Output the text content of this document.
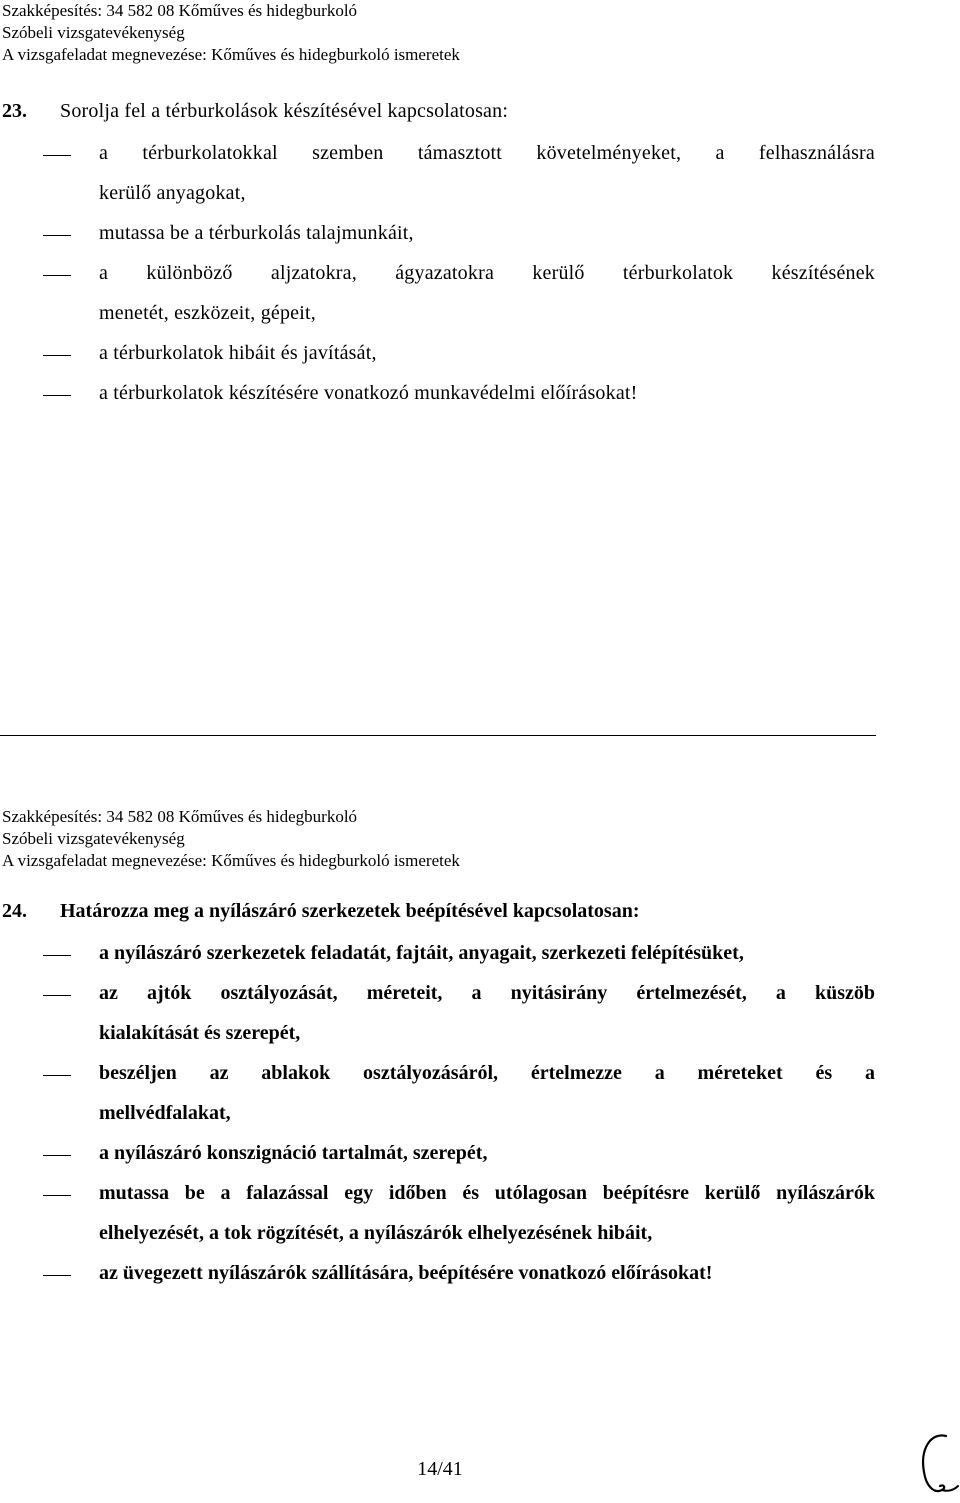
Szakképesítés: 34 582 08 Kőműves és hidegburkoló
Szóbeli vizsgatevékenység
A vizsgafeladat megnevezése: Kőműves és hidegburkoló ismeretek
23. Sorolja fel a térburkolások készítésével kapcsolatosan:
a térburkolatokkal szemben támasztott követelményeket, a felhasználásra
kerülő anyagokat,
mutassa be a térburkolás talajmunkáit,
a különböző aljzatokra, ágyazatokra kerülő térburkolatok készítésének
menetét, eszközeit, gépeit,
a térburkolatok hibáit és javítását,
a térburkolatok készítésére vonatkozó munkavédelmi előírásokat!
Szakképesítés: 34 582 08 Kőműves és hidegburkoló
Szóbeli vizsgatevékenység
A vizsgafeladat megnevezése: Kőműves és hidegburkoló ismeretek
24. Határozza meg a nyílászáró szerkezetek beépítésével kapcsolatosan:
a nyílászáró szerkezetek feladatát, fajtáit, anyagait, szerkezeti felépítésüket,
az ajtók osztályozását, méreteit, a nyitásirány értelmezését, a küszöb
kialakítását és szerepét,
beszéljen az ablakok osztályozásáról, értelmezze a méreteket és a
mellvédfalakat,
a nyílászáró konszignáció tartalmát, szerepét,
mutassa be a falazással egy időben és utólagosan beépítésre kerülő nyílászárók
elhelyezését, a tok rögzítését, a nyílászárók elhelyezésének hibáit,
az üvegezett nyílászárók szállítására, beépítésére vonatkozó előírásokat!
14/41
